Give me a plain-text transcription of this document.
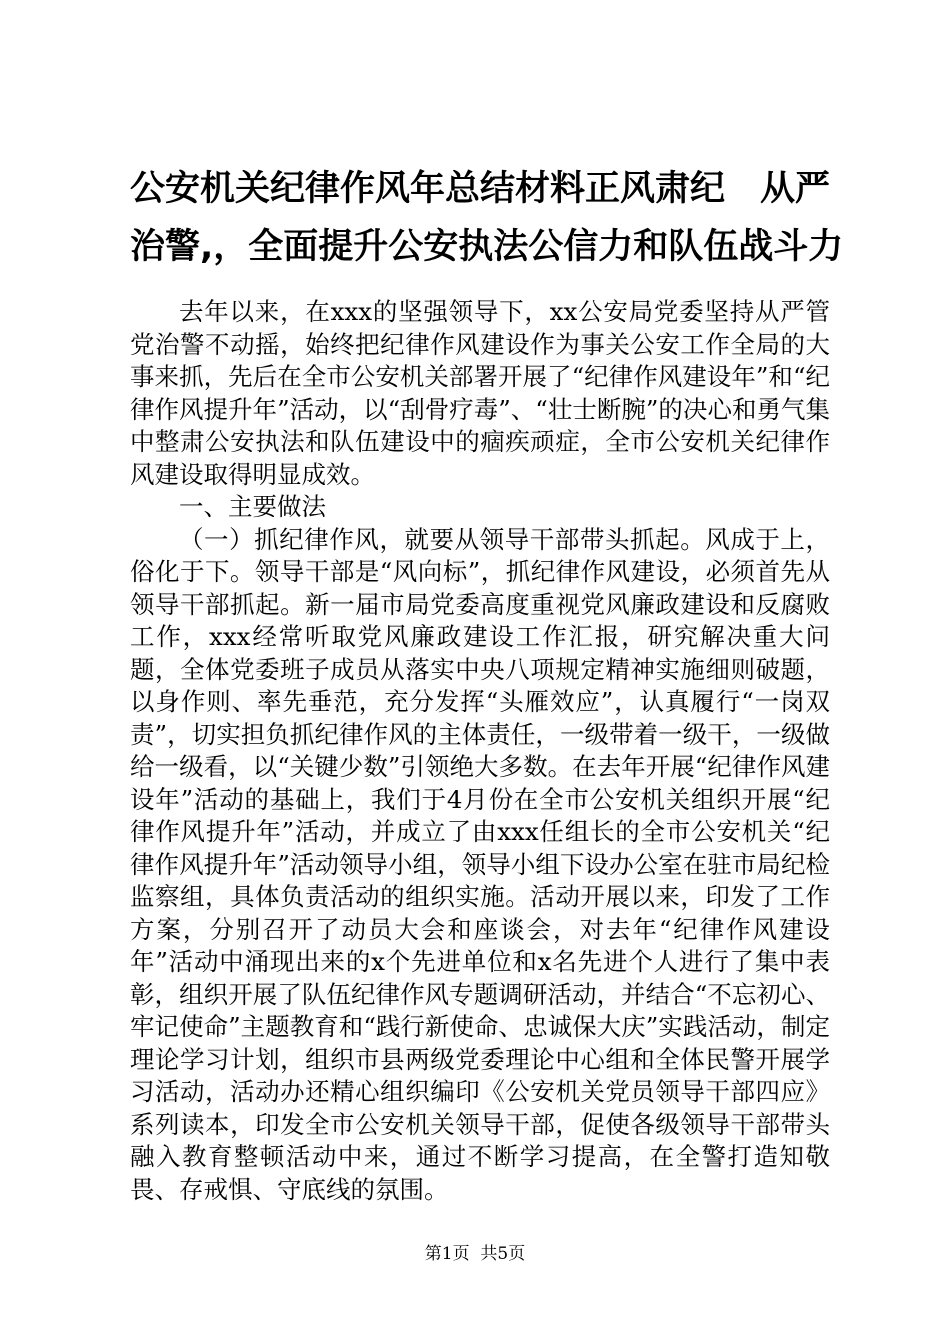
公安机关纪律作风年总结材料正风肃纪　从严
治警,，全面提升公安执法公信力和队伍战斗力

去年以来，在xxx的坚强领导下，xx公安局党委坚持从严管党治警不动摇，始终把纪律作风建设作为事关公安工作全局的大事来抓，先后在全市公安机关部署开展了“纪律作风建设年”和“纪律作风提升年”活动，以“刮骨疗毒”、“壮士断腕”的决心和勇气集中整肃公安执法和队伍建设中的痼疾顽症，全市公安机关纪律作风建设取得明显成效。

一、主要做法

（一）抓纪律作风，就要从领导干部带头抓起。风成于上，俗化于下。领导干部是“风向标”，抓纪律作风建设，必须首先从领导干部抓起。新一届市局党委高度重视党风廉政建设和反腐败工作，xxx经常听取党风廉政建设工作汇报，研究解决重大问题，全体党委班子成员从落实中央八项规定精神实施细则破题，以身作则、率先垂范，充分发挥“头雁效应”，认真履行“一岗双责”，切实担负抓纪律作风的主体责任，一级带着一级干，一级做给一级看，以“关键少数”引领绝大多数。在去年开展“纪律作风建设年”活动的基础上，我们于4月份在全市公安机关组织开展“纪律作风提升年”活动，并成立了由xxx任组长的全市公安机关“纪律作风提升年”活动领导小组，领导小组下设办公室在驻市局纪检监察组，具体负责活动的组织实施。活动开展以来，印发了工作方案，分别召开了动员大会和座谈会，对去年“纪律作风建设年”活动中涌现出来的x个先进单位和x名先进个人进行了集中表彰，组织开展了队伍纪律作风专题调研活动，并结合“不忘初心、牢记使命”主题教育和“践行新使命、忠诚保大庆”实践活动，制定理论学习计划，组织市县两级党委理论中心组和全体民警开展学习活动，活动办还精心组织编印《公安机关党员领导干部四应》系列读本，印发全市公安机关领导干部，促使各级领导干部带头融入教育整顿活动中来，通过不断学习提高，在全警打造知敬畏、存戒惧、守底线的氛围。

第1页  共5页
